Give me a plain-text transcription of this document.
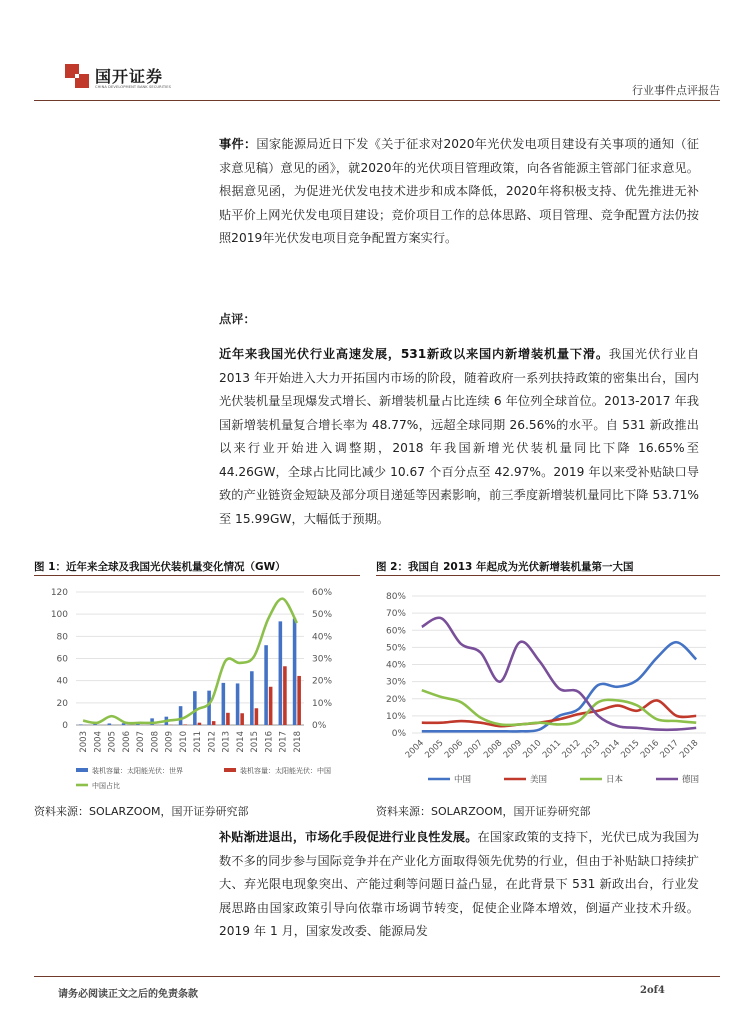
国开证券
CHINA DEVELOPMENT BANK SECURITIES	行业事件点评报告
事件：国家能源局近日下发《关于征求对2020年光伏发电项目建设有关事项的通知（征求意见稿）意见的函》，就2020年的光伏项目管理政策，向各省能源主管部门征求意见。根据意见函，为促进光伏发电技术进步和成本降低，2020年将积极支持、优先推进无补贴平价上网光伏发电项目建设；竞价项目工作的总体思路、项目管理、竞争配置方法仍按照2019年光伏发电项目竞争配置方案实行。
点评：
近年来我国光伏行业高速发展，531新政以来国内新增装机量下滑。我国光伏行业自 2013 年开始进入大力开拓国内市场的阶段，随着政府一系列扶持政策的密集出台，国内光伏装机量呈现爆发式增长、新增装机量占比连续 6 年位列全球首位。2013-2017 年我国新增装机量复合增长率为 48.77%，远超全球同期 26.56%的水平。自 531 新政推出以来行业开始进入调整期，2018 年我国新增光伏装机量同比下降 16.65%至 44.26GW，全球占比同比减少 10.67 个百分点至 42.97%。2019 年以来受补贴缺口导致的产业链资金短缺及部分项目递延等因素影响，前三季度新增装机量同比下降 53.71%至 15.99GW，大幅低于预期。
图 1：近年来全球及我国光伏装机量变化情况（GW）
0	0%
20	10%
40	20%
60	30%
80	40%
100	50%
120	60%
2003 2004 2005 2006 2007 2008 2009 2010 2011 2012 2013 2014 2015 2016 2017 2018
装机容量：太阳能光伏：世界	装机容量：太阳能光伏：中国
中国占比
资料来源：SOLARZOOM，国开证券研究部
图 2：我国自 2013 年起成为光伏新增装机量第一大国
0%
10%
20%
30%
40%
50%
60%
70%
80%
2004
2005
2006
2007
2008
2009
2010
2011
2012
2013
2014
2015
2016
2017
2018
中国	美国	日本	德国
资料来源：SOLARZOOM，国开证券研究部
补贴渐进退出，市场化手段促进行业良性发展。在国家政策的支持下，光伏已成为我国为数不多的同步参与国际竞争并在产业化方面取得领先优势的行业，但由于补贴缺口持续扩大、弃光限电现象突出、产能过剩等问题日益凸显，在此背景下 531 新政出台，行业发展思路由国家政策引导向依靠市场调节转变，促使企业降本增效，倒逼产业技术升级。2019 年 1 月，国家发改委、能源局发
请务必阅读正文之后的免责条款	2of4
